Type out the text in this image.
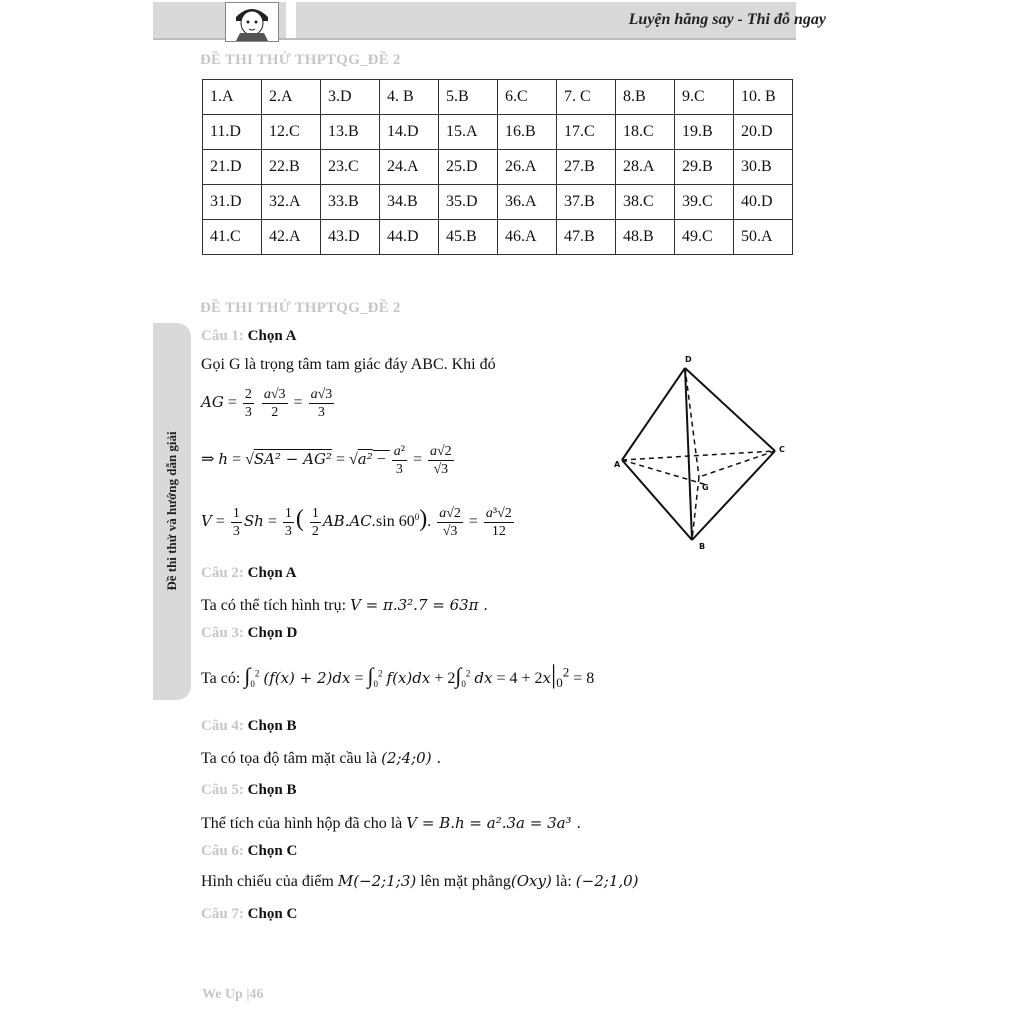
Luyện hăng say - Thi đỗ ngay
ĐỀ THI THỬ THPTQG_ĐỀ 2
1.A	2.A	3.D	4. B	5.B	6.C	7. C	8.B	9.C	10. B
11.D	12.C	13.B	14.D	15.A	16.B	17.C	18.C	19.B	20.D
21.D	22.B	23.C	24.A	25.D	26.A	27.B	28.A	29.B	30.B
31.D	32.A	33.B	34.B	35.D	36.A	37.B	38.C	39.C	40.D
41.C	42.A	43.D	44.D	45.B	46.A	47.B	48.B	49.C	50.A
ĐỀ THI THỬ THPTQG_ĐỀ 2
Đề thi thử và hướng dẫn giải
Câu 1: Chọn A
Gọi G là trọng tâm tam giác đáy ABC. Khi đó
AG = $\frac{2}{3}$
$\frac{a√3}{2} = \frac{a√3}{3}$
⇒ $h = √SA^2 - AG^2 = √a^2 - \frac{\text{a²}}{3} = \frac{a√2}{√3}$
$V = \frac{1}{3}$ $Sh = \frac{1}{3}$ ( $\frac{1}{2} AB.AC.\sin$ $60^0$). $\frac{a√2}{√3} = \frac{\text{a³√2}}{12}$
D
A
C
B
G
Câu 2: Chọn A
Ta có thể tích hình trụ: V = π.3².7 = 63π .
Câu 3: Chọn D
Ta có: $\int_0^2$ $(f(x) + 2)dx = \int_0^2$ $f(x)dx + 2\int_0^2$ dx = $4 + 2x|_0^2 = 8$
Câu 4: Chọn B
Ta có tọa độ tâm mặt cầu là (2;4;0) .
Câu 5: Chọn B
Thể tích của hình hộp đã cho là V = B.h = a².3a = 3a³ .
Câu 6: Chọn C
Hình chiếu của điểm M(−2;1;3) lên mặt phẳng(Oxy) là: (−2;1,0)
Câu 7: Chọn C
We Up |46
